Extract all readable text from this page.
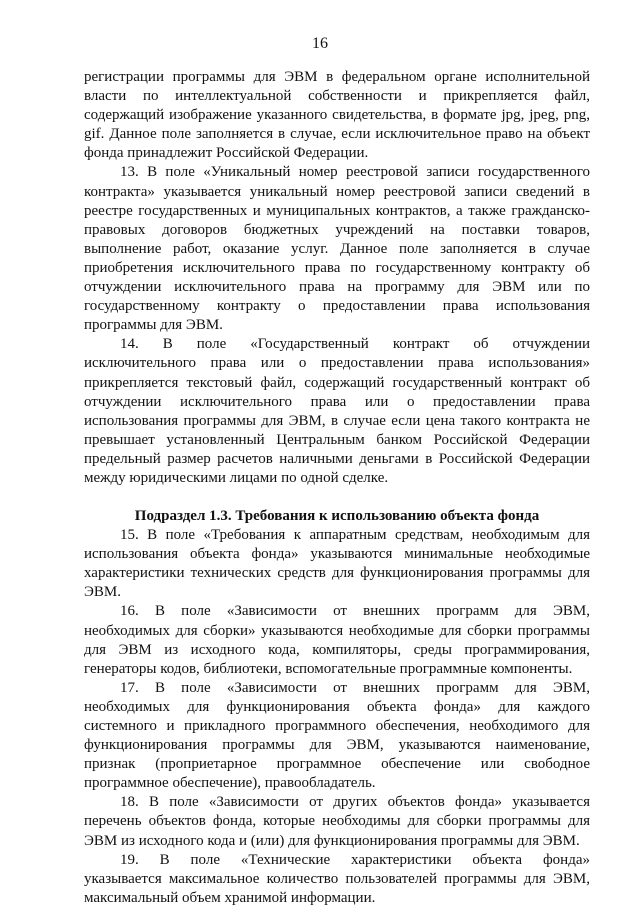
16
регистрации программы для ЭВМ в федеральном органе исполнительной
власти по интеллектуальной собственности и прикрепляется файл,
содержащий изображение указанного свидетельства, в формате jpg, jpeg, png,
gif. Данное поле заполняется в случае, если исключительное право на объект
фонда принадлежит Российской Федерации.
13. В поле «Уникальный номер реестровой записи государственного
контракта» указывается уникальный номер реестровой записи сведений в
реестре государственных и муниципальных контрактов, а также гражданско-
правовых договоров бюджетных учреждений на поставки товаров,
выполнение работ, оказание услуг. Данное поле заполняется в случае
приобретения исключительного права по государственному контракту об
отчуждении исключительного права на программу для ЭВМ или по
государственному контракту о предоставлении права использования
программы для ЭВМ.
14. В поле «Государственный контракт об отчуждении
исключительного права или о предоставлении права использования»
прикрепляется текстовый файл, содержащий государственный контракт об
отчуждении исключительного права или о предоставлении права
использования программы для ЭВМ, в случае если цена такого контракта не
превышает установленный Центральным банком Российской Федерации
предельный размер расчетов наличными деньгами в Российской Федерации
между юридическими лицами по одной сделке.
Подраздел 1.3. Требования к использованию объекта фонда
15. В поле «Требования к аппаратным средствам, необходимым для
использования объекта фонда» указываются минимальные необходимые
характеристики технических средств для функционирования программы для
ЭВМ.
16. В поле «Зависимости от внешних программ для ЭВМ,
необходимых для сборки» указываются необходимые для сборки программы
для ЭВМ из исходного кода, компиляторы, среды программирования,
генераторы кодов, библиотеки, вспомогательные программные компоненты.
17. В поле «Зависимости от внешних программ для ЭВМ,
необходимых для функционирования объекта фонда» для каждого
системного и прикладного программного обеспечения, необходимого для
функционирования программы для ЭВМ, указываются наименование,
признак (проприетарное программное обеспечение или свободное
программное обеспечение), правообладатель.
18. В поле «Зависимости от других объектов фонда» указывается
перечень объектов фонда, которые необходимы для сборки программы для
ЭВМ из исходного кода и (или) для функционирования программы для ЭВМ.
19. В поле «Технические характеристики объекта фонда»
указывается максимальное количество пользователей программы для ЭВМ,
максимальный объем хранимой информации.
